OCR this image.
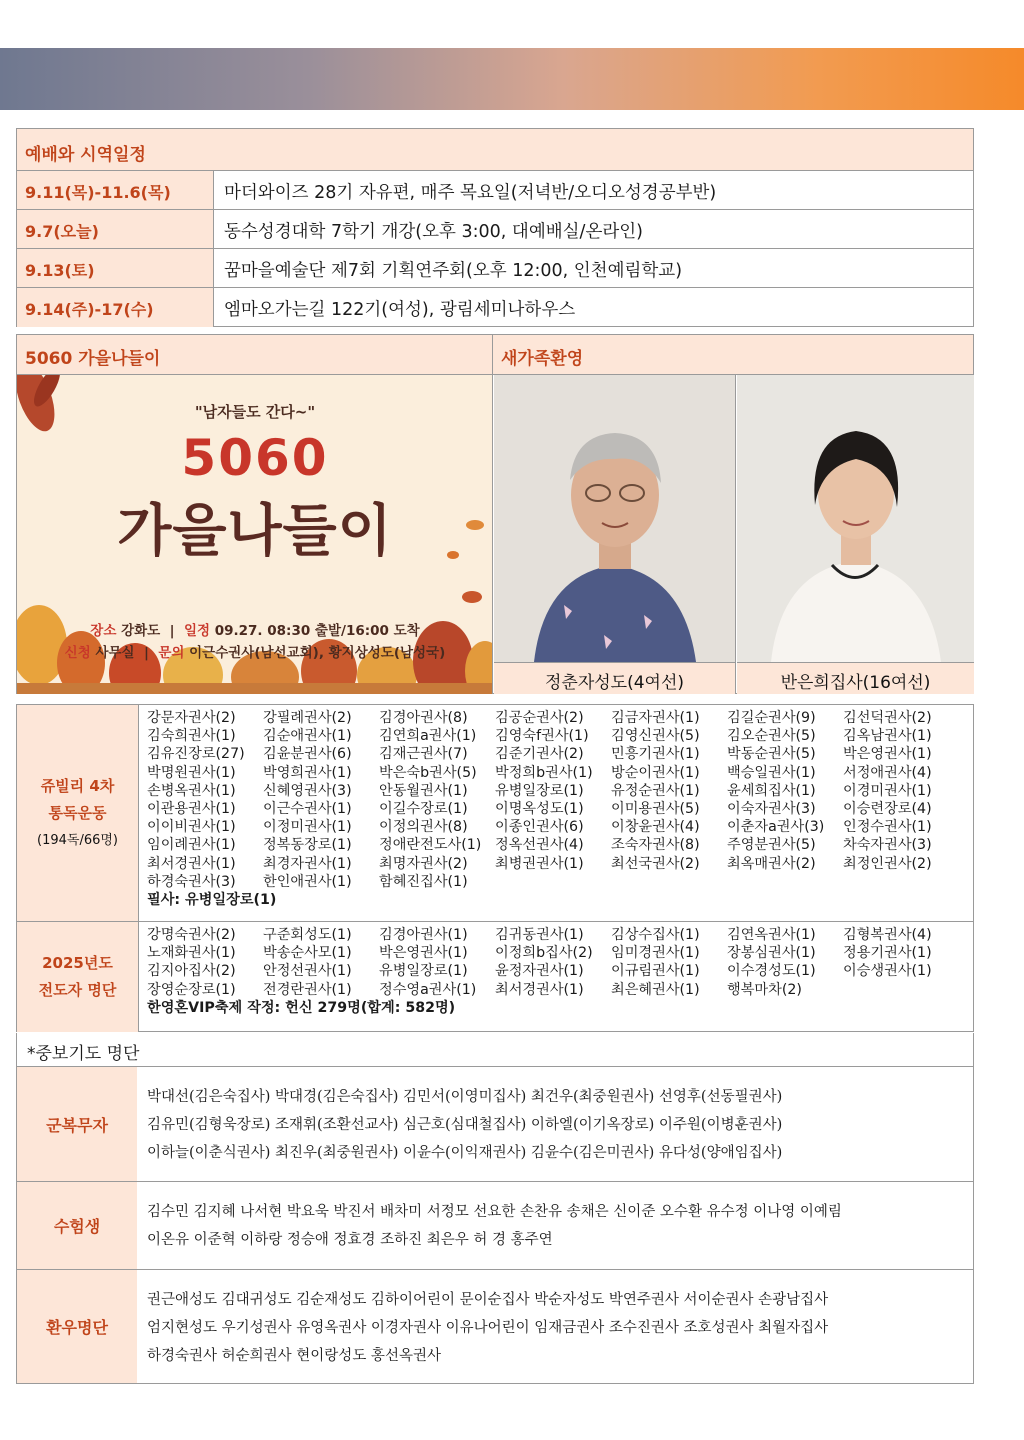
예배와 시역일정
9.11(목)-11.6(목)	마더와이즈 28기 자유편, 매주 목요일(저녁반/오디오성경공부반)
9.7(오늘)	동수성경대학 7학기 개강(오후 3:00, 대예배실/온라인)
9.13(토)	꿈마을예술단 제7회 기획연주회(오후 12:00, 인천예림학교)
9.14(주)-17(수)	엠마오가는길 122기(여성), 광림세미나하우스
5060 가을나들이	새가족환영
"남자들도 간다~"
5060
가을나들이
장소 강화도  |  일정 09.27. 08:30 출발/16:00 도착
신청 사무실  |  문의 이근수권사(남선교회), 황지상성도(남성국)
정춘자성도(4여선)	반은희집사(16여선)
쥬빌리 4차
통독운동
(194독/66명)
강문자권사(2)	강필례권사(2)	김경아권사(8)	김공순권사(2)	김금자권사(1)	김길순권사(9)	김선덕권사(2)
김숙희권사(1)	김순애권사(1)	김연희a권사(1)	김영숙f권사(1)	김영신권사(5)	김오순권사(5)	김옥남권사(1)
김유진장로(27)	김윤분권사(6)	김재근권사(7)	김준기권사(2)	민흥기권사(1)	박동순권사(5)	박은영권사(1)
박명원권사(1)	박영희권사(1)	박은숙b권사(5)	박정희b권사(1)	방순이권사(1)	백승일권사(1)	서정애권사(4)
손병옥권사(1)	신혜영권사(3)	안동월권사(1)	유병일장로(1)	유정순권사(1)	윤세희집사(1)	이경미권사(1)
이관용권사(1)	이근수권사(1)	이길수장로(1)	이명옥성도(1)	이미용권사(5)	이숙자권사(3)	이승련장로(4)
이이비권사(1)	이정미권사(1)	이정의권사(8)	이종인권사(6)	이창윤권사(4)	이춘자a권사(3)	인정수권사(1)
임이례권사(1)	정복동장로(1)	정애란전도사(1) 정옥선권사(4)	조숙자권사(8)	주영분권사(5)	차숙자권사(3)
최서경권사(1)	최경자권사(1)	최명자권사(2)	최병권권사(1)	최선국권사(2)	최옥매권사(2)	최정인권사(2)
하경숙권사(3)	한인애권사(1)	함혜진집사(1)
필사: 유병일장로(1)
2025년도
전도자 명단
강명숙권사(2)	구준회성도(1)	김경아권사(1)	김귀동권사(1)	김상수집사(1)	김연옥권사(1)	김형복권사(4)
노재화권사(1)	박송순사모(1)	박은영권사(1)	이정희b집사(2)	임미경권사(1)	장봉심권사(1)	정용기권사(1)
김지아집사(2)	안정선권사(1)	유병일장로(1)	윤정자권사(1)	이규림권사(1)	이수경성도(1)	이승생권사(1)
장영순장로(1)	전경란권사(1)	정수영a권사(1)	최서경권사(1)	최은혜권사(1)	행복마차(2)
한영혼VIP축제 작정: 헌신 279명(합계: 582명)
*중보기도 명단
군복무자
박대선(김은숙집사) 박대경(김은숙집사) 김민서(이영미집사) 최건우(최중원권사) 선영후(선동필권사)
김유민(김형욱장로) 조재휘(조환선교사) 심근호(심대철집사) 이하엘(이기옥장로) 이주원(이병훈권사)
이하늘(이춘식권사) 최진우(최중원권사) 이윤수(이익재권사) 김윤수(김은미권사) 유다성(양애임집사)
수험생
김수민 김지혜 나서현 박요욱 박진서 배차미 서정모 선요한 손찬유 송채은 신이준 오수환 유수정 이나영 이예림
이온유 이준혁 이하랑 정승애 정효경 조하진 최은우 허 경 홍주연
환우명단
권근애성도 김대귀성도 김순재성도 김하이어린이 문이순집사 박순자성도 박연주권사 서이순권사 손광남집사
엄지현성도 우기성권사 유영옥권사 이경자권사 이유나어린이 임재금권사 조수진권사 조호성권사 최월자집사
하경숙권사 허순희권사 현이랑성도 홍선옥권사
